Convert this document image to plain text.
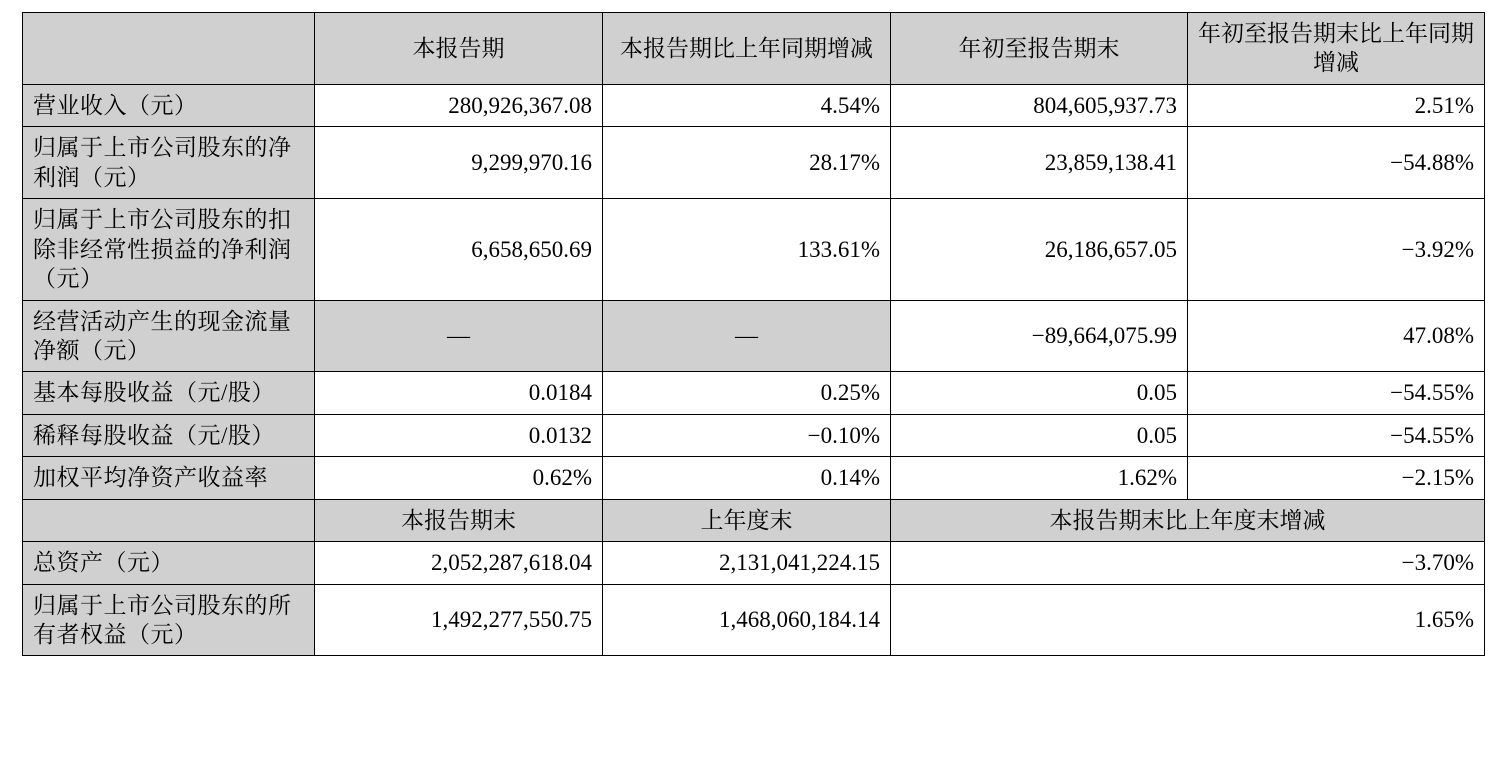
	本报告期	本报告期比上年同期增减	年初至报告期末	年初至报告期末比上年同期增减
营业收入（元）	280,926,367.08	4.54%	804,605,937.73	2.51%
归属于上市公司股东的净利润（元）	9,299,970.16	28.17%	23,859,138.41	−54.88%
归属于上市公司股东的扣除非经常性损益的净利润（元）	6,658,650.69	133.61%	26,186,657.05	−3.92%
经营活动产生的现金流量净额（元）	—	—	−89,664,075.99	47.08%
基本每股收益（元/股）	0.0184	0.25%	0.05	−54.55%
稀释每股收益（元/股）	0.0132	−0.10%	0.05	−54.55%
加权平均净资产收益率	0.62%	0.14%	1.62%	−2.15%
	本报告期末	上年度末	本报告期末比上年度末增减	
总资产（元）	2,052,287,618.04	2,131,041,224.15	−3.70%	
归属于上市公司股东的所有者权益（元）	1,492,277,550.75	1,468,060,184.14	1.65%	
